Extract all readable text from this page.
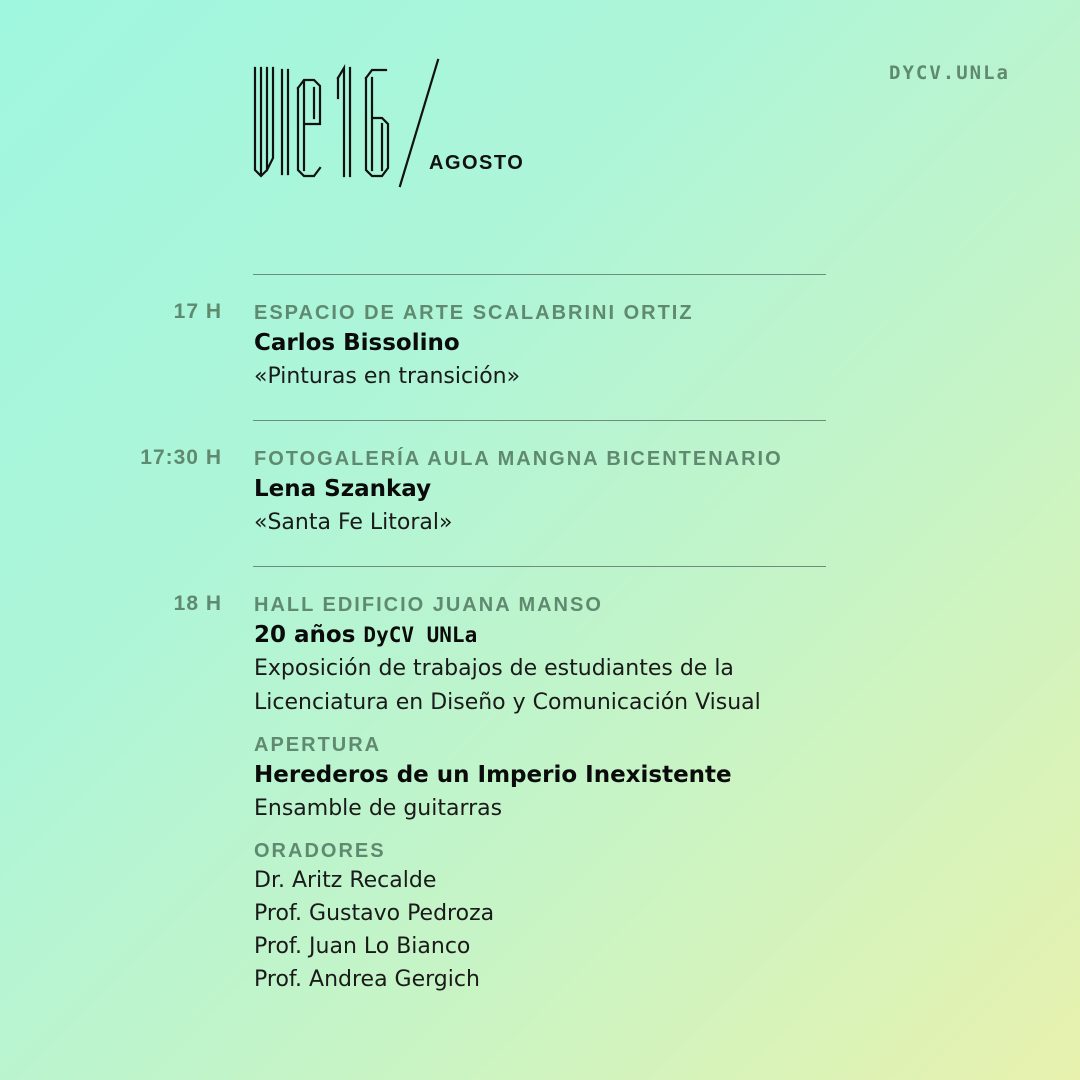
DYCV.UNLa
AGOSTO
17 H ESPACIO DE ARTE SCALABRINI ORTIZ
Carlos Bissolino
«Pinturas en transición»
17:30 H FOTOGALERÍA AULA MANGNA BICENTENARIO
Lena Szankay
«Santa Fe Litoral»
18 H HALL EDIFICIO JUANA MANSO
20 años DyCV UNLa
Exposición de trabajos de estudiantes de la
Licenciatura en Diseño y Comunicación Visual
APERTURA
Herederos de un Imperio Inexistente
Ensamble de guitarras
ORADORES
Dr. Aritz Recalde
Prof. Gustavo Pedroza
Prof. Juan Lo Bianco
Prof. Andrea Gergich
